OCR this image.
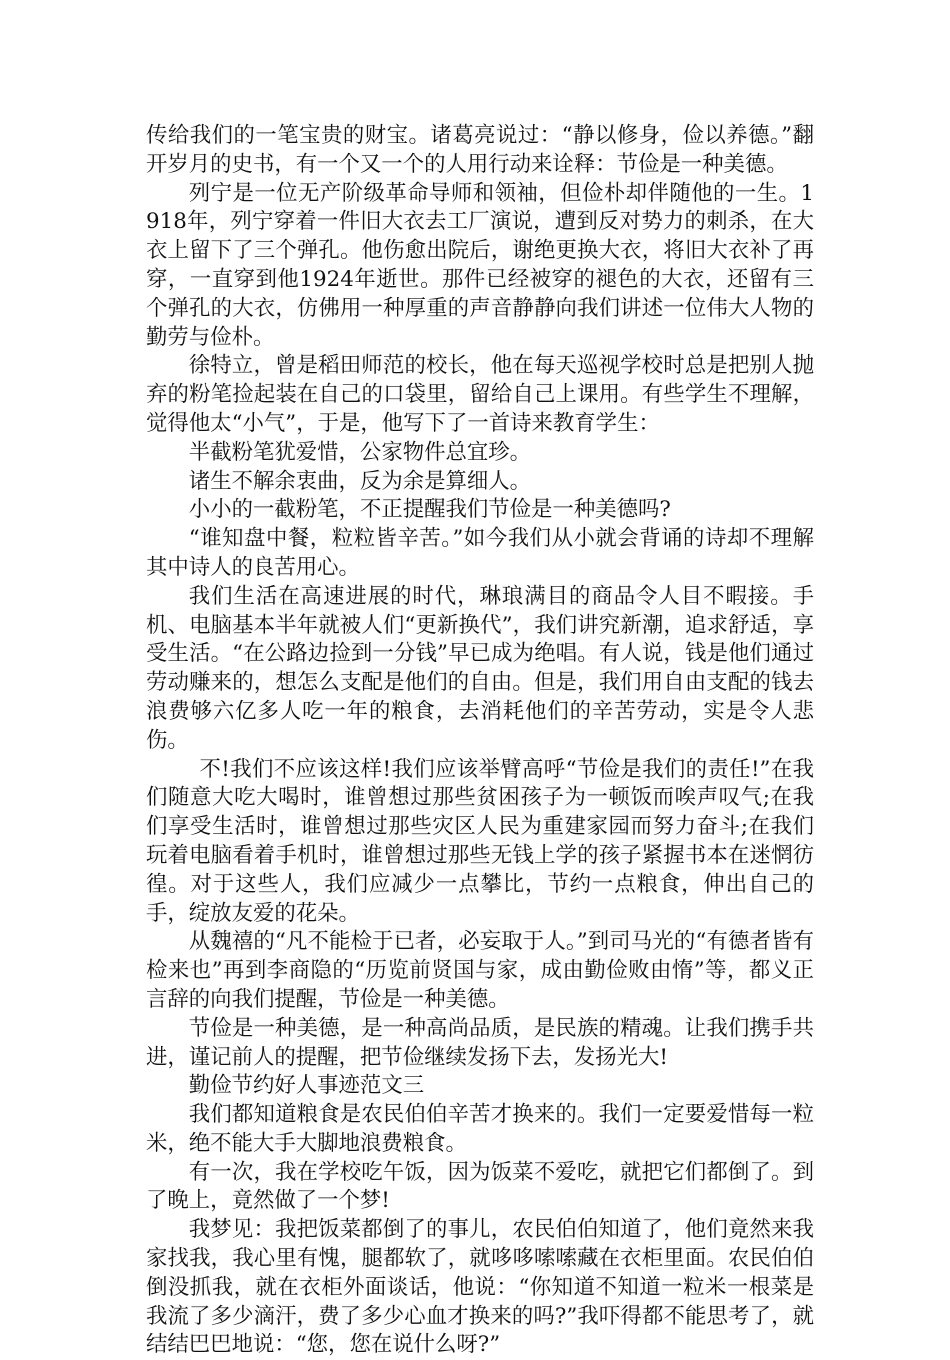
传给我们的一笔宝贵的财宝。诸葛亮说过：“静以修身，俭以养德。”翻开岁月的史书，有一个又一个的人用行动来诠释：节俭是一种美德。

列宁是一位无产阶级革命导师和领袖，但俭朴却伴随他的一生。1918年，列宁穿着一件旧大衣去工厂演说，遭到反对势力的刺杀，在大衣上留下了三个弹孔。他伤愈出院后，谢绝更换大衣，将旧大衣补了再穿，一直穿到他1924年逝世。那件已经被穿的褪色的大衣，还留有三个弹孔的大衣，仿佛用一种厚重的声音静静向我们讲述一位伟大人物的勤劳与俭朴。

徐特立，曾是稻田师范的校长，他在每天巡视学校时总是把别人抛弃的粉笔捡起装在自己的口袋里，留给自己上课用。有些学生不理解，觉得他太“小气”，于是，他写下了一首诗来教育学生：

半截粉笔犹爱惜，公家物件总宜珍。

诸生不解余衷曲，反为余是算细人。

小小的一截粉笔，不正提醒我们节俭是一种美德吗?

“谁知盘中餐，粒粒皆辛苦。”如今我们从小就会背诵的诗却不理解其中诗人的良苦用心。

我们生活在高速进展的时代，琳琅满目的商品令人目不暇接。手机、电脑基本半年就被人们“更新换代”，我们讲究新潮，追求舒适，享受生活。“在公路边捡到一分钱”早已成为绝唱。有人说，钱是他们通过劳动赚来的，想怎么支配是他们的自由。但是，我们用自由支配的钱去浪费够六亿多人吃一年的粮食，去消耗他们的辛苦劳动，实是令人悲伤。

不!我们不应该这样!我们应该举臂高呼“节俭是我们的责任!”在我们随意大吃大喝时，谁曾想过那些贫困孩子为一顿饭而唉声叹气;在我们享受生活时，谁曾想过那些灾区人民为重建家园而努力奋斗;在我们玩着电脑看着手机时，谁曾想过那些无钱上学的孩子紧握书本在迷惘彷徨。对于这些人，我们应减少一点攀比，节约一点粮食，伸出自己的手，绽放友爱的花朵。

从魏禧的“凡不能检于已者，必妄取于人。”到司马光的“有德者皆有检来也”再到李商隐的“历览前贤国与家，成由勤俭败由惰”等，都义正言辞的向我们提醒，节俭是一种美德。

节俭是一种美德，是一种高尚品质，是民族的精魂。让我们携手共进，谨记前人的提醒，把节俭继续发扬下去，发扬光大!

勤俭节约好人事迹范文三

我们都知道粮食是农民伯伯辛苦才换来的。我们一定要爱惜每一粒米，绝不能大手大脚地浪费粮食。

有一次，我在学校吃午饭，因为饭菜不爱吃，就把它们都倒了。到了晚上，竟然做了一个梦!

我梦见：我把饭菜都倒了的事儿，农民伯伯知道了，他们竟然来我家找我，我心里有愧，腿都软了，就哆哆嗦嗦藏在衣柜里面。农民伯伯倒没抓我，就在衣柜外面谈话，他说：“你知道不知道一粒米一根菜是我流了多少滴汗，费了多少心血才换来的吗?”我吓得都不能思考了，就结结巴巴地说：“您，您在说什么呀?”
